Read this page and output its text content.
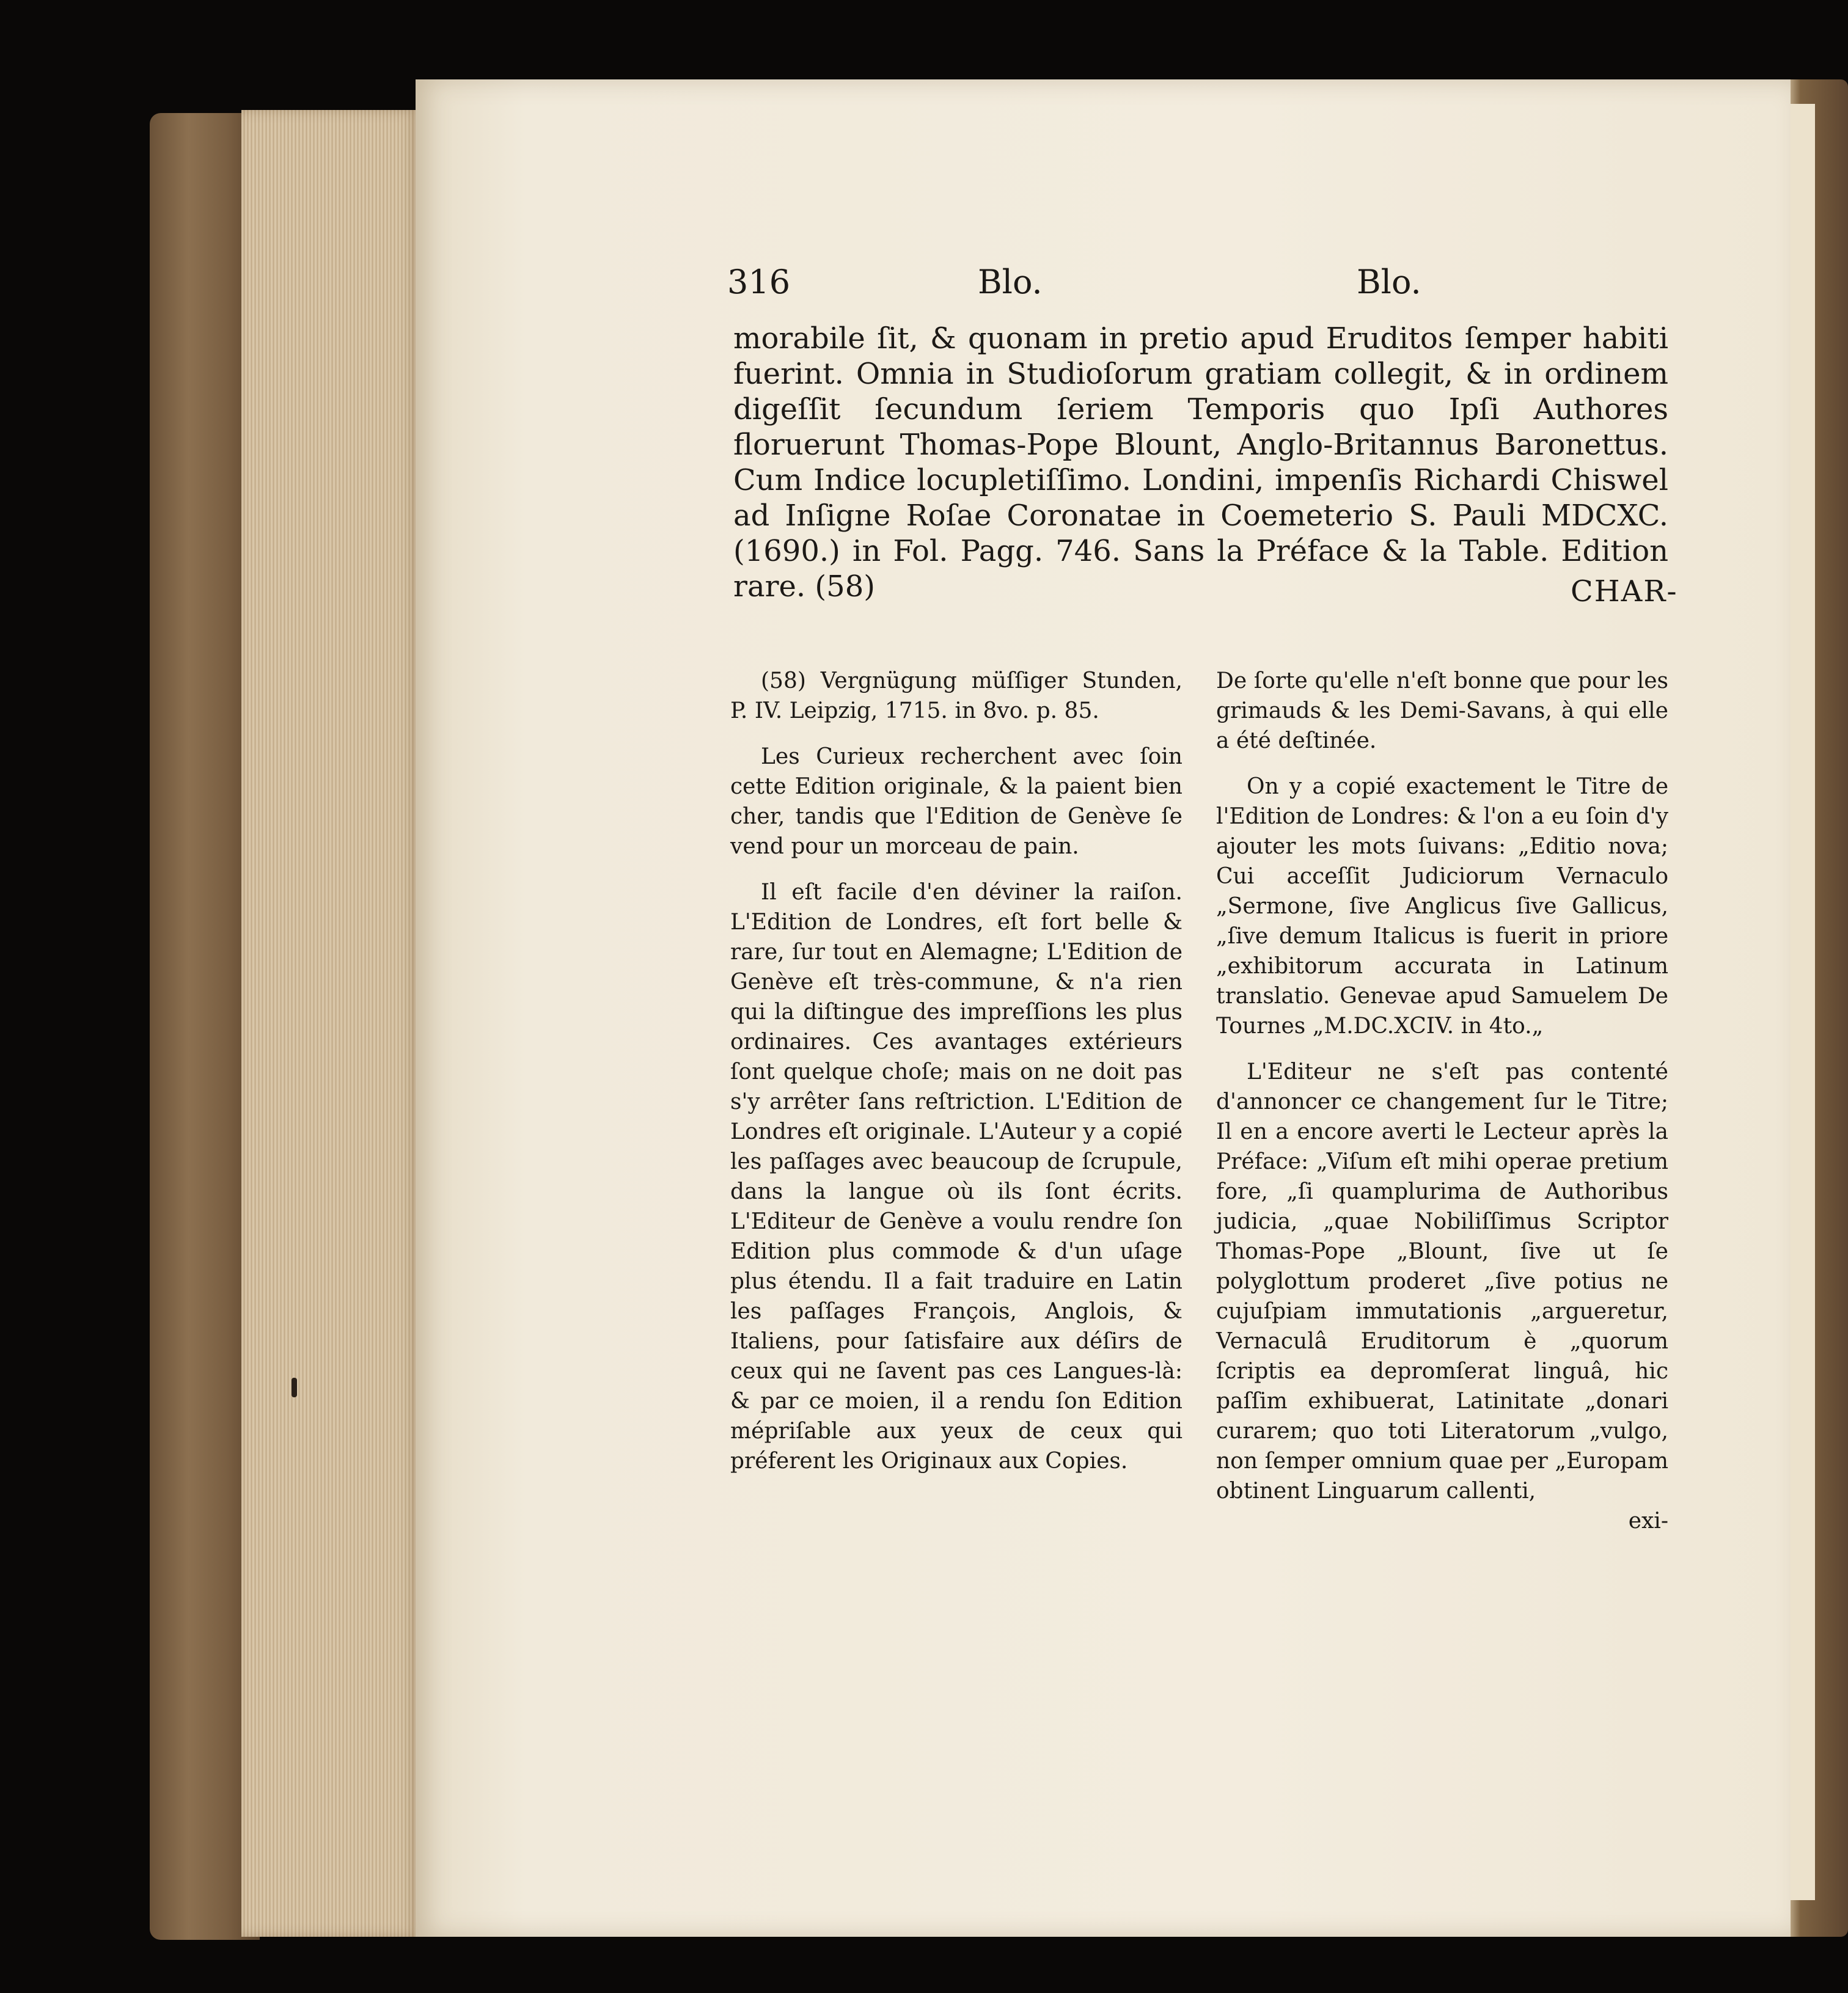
316	Blo.	Blo.

morabile ſit, & quonam in pretio apud Eruditos ſemper habiti fuerint. Omnia in Studioſorum gratiam collegit, & in ordinem digeſſit ſecundum ſeriem Temporis quo Ipſi Authores floruerunt Thomas-Pope Blount, Anglo-Britannus Baronettus. Cum Indice locupletiſſimo. Londini, impenſis Richardi Chiswel ad Inſigne Roſae Coronatae in Coemeterio S. Pauli MDCXC. (1690.) in Fol. Pagg. 746. Sans la Préface & la Table. Edition rare. (58)	CHAR-

(58) Vergnügung müſſiger Stunden, P. IV. Leipzig, 1715. in 8vo. p. 85.

Les Curieux recherchent avec ſoin cette Edition originale, & la paient bien cher, tandis que l'Edition de Genève ſe vend pour un morceau de pain.

Il eſt facile d'en déviner la raiſon. L'Edition de Londres, eſt fort belle & rare, ſur tout en Alemagne; L'Edition de Genève eſt très-commune, & n'a rien qui la diſtingue des impreſſions les plus ordinaires. Ces avantages extérieurs ſont quelque choſe; mais on ne doit pas s'y arrêter ſans reſtriction. L'Edition de Londres eſt originale. L'Auteur y a copié les paſſages avec beaucoup de ſcrupule, dans la langue où ils ſont écrits. L'Editeur de Genève a voulu rendre ſon Edition plus commode & d'un uſage plus étendu. Il a fait traduire en Latin les paſſages François, Anglois, & Italiens, pour ſatisfaire aux déſirs de ceux qui ne ſavent pas ces Langues-là: & par ce moien, il a rendu ſon Edition mépriſable aux yeux de ceux qui préferent les Originaux aux Copies.

De ſorte qu'elle n'eſt bonne que pour les grimauds & les Demi-Savans, à qui elle a été deſtinée.

On y a copié exactement le Titre de l'Edition de Londres: & l'on a eu ſoin d'y ajouter les mots ſuivans: „Editio nova; Cui acceſſit Judiciorum Vernaculo „Sermone, ſive Anglicus ſive Gallicus, „ſive demum Italicus is fuerit in priore „exhibitorum accurata in Latinum translatio. Genevae apud Samuelem De Tournes „M.DC.XCIV. in 4to.„

L'Editeur ne s'eſt pas contenté d'annoncer ce changement ſur le Titre; Il en a encore averti le Lecteur après la Préface: „Viſum eſt mihi operae pretium fore, „ſi quamplurima de Authoribus judicia, „quae Nobiliſſimus Scriptor Thomas-Pope „Blount, ſive ut ſe polyglottum proderet „ſive potius ne cujuſpiam immutationis „argueretur, Vernaculâ Eruditorum è „quorum ſcriptis ea depromſerat linguâ, hic paſſim exhibuerat, Latinitate „donari curarem; quo toti Literatorum „vulgo, non ſemper omnium quae per „Europam obtinent Linguarum callenti,

exi-
